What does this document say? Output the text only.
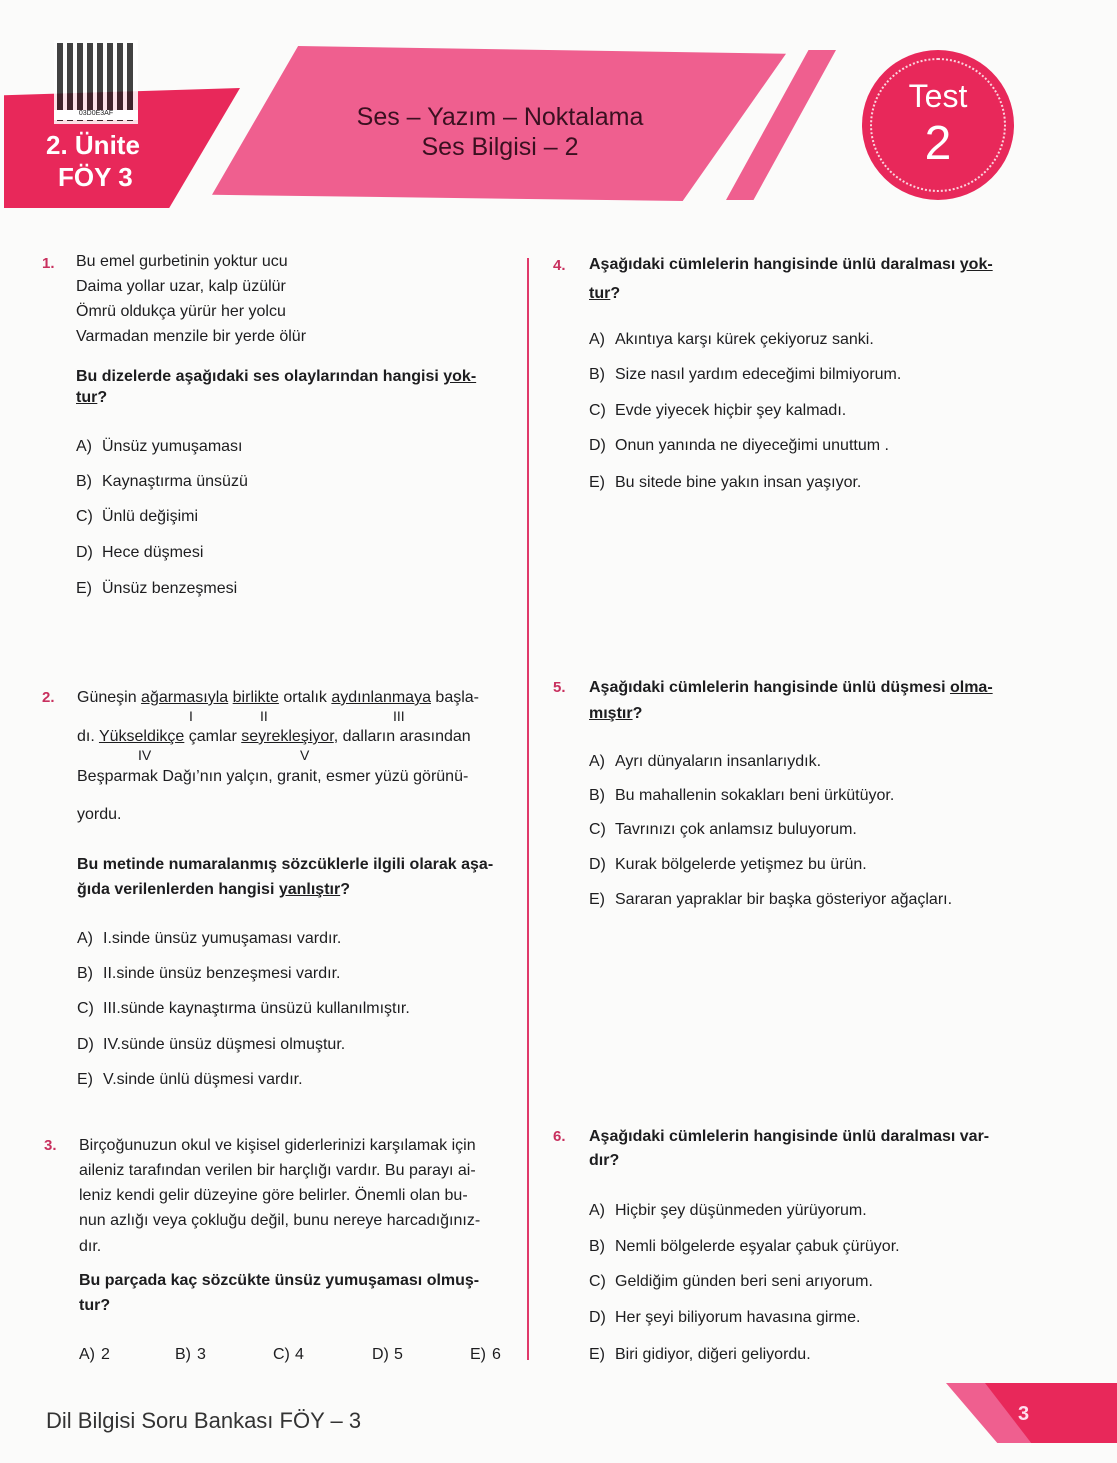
03D0E3AF
2. Ünite
FÖY 3
Ses – Yazım – Noktalama
Ses Bilgisi – 2
Test
2
1. Bu emel gurbetinin yoktur ucu
Daima yollar uzar, kalp üzülür
Ömrü oldukça yürür her yolcu
Varmadan menzile bir yerde ölür
Bu dizelerde aşağıdaki ses olaylarından hangisi yok-
tur?
A) Ünsüz yumuşaması
B) Kaynaştırma ünsüzü
C) Ünlü değişimi
D) Hece düşmesi
E) Ünsüz benzeşmesi
2. Güneşin ağarmasıyla birlikte ortalık aydınlanmaya başla-
I	II	III
dı. Yükseldikçe çamlar seyrekleşiyor, dalların arasından
IV	V
Beşparmak Dağı’nın yalçın, granit, esmer yüzü görünü-
yordu.
Bu metinde numaralanmış sözcüklerle ilgili olarak aşa-
ğıda verilenlerden hangisi yanlıştır?
A) I.sinde ünsüz yumuşaması vardır.
B) II.sinde ünsüz benzeşmesi vardır.
C) III.sünde kaynaştırma ünsüzü kullanılmıştır.
D) IV.sünde ünsüz düşmesi olmuştur.
E) V.sinde ünlü düşmesi vardır.
3. Birçoğunuzun okul ve kişisel giderlerinizi karşılamak için
aileniz tarafından verilen bir harçlığı vardır. Bu parayı ai-
leniz kendi gelir düzeyine göre belirler. Önemli olan bu-
nun azlığı veya çokluğu değil, bunu nereye harcadığınız-
dır.
Bu parçada kaç sözcükte ünsüz yumuşaması olmuş-
tur?
A) 2	B) 3	C) 4	D) 5	E) 6
4. Aşağıdaki cümlelerin hangisinde ünlü daralması yok-
tur?
A) Akıntıya karşı kürek çekiyoruz sanki.
B) Size nasıl yardım edeceğimi bilmiyorum.
C) Evde yiyecek hiçbir şey kalmadı.
D) Onun yanında ne diyeceğimi unuttum .
E) Bu sitede bine yakın insan yaşıyor.
5. Aşağıdaki cümlelerin hangisinde ünlü düşmesi olma-
mıştır?
A) Ayrı dünyaların insanlarıydık.
B) Bu mahallenin sokakları beni ürkütüyor.
C) Tavrınızı çok anlamsız buluyorum.
D) Kurak bölgelerde yetişmez bu ürün.
E) Sararan yapraklar bir başka gösteriyor ağaçları.
6. Aşağıdaki cümlelerin hangisinde ünlü daralması var-
dır?
A) Hiçbir şey düşünmeden yürüyorum.
B) Nemli bölgelerde eşyalar çabuk çürüyor.
C) Geldiğim günden beri seni arıyorum.
D) Her şeyi biliyorum havasına girme.
E) Biri gidiyor, diğeri geliyordu.
Dil Bilgisi Soru Bankası FÖY – 3	3
